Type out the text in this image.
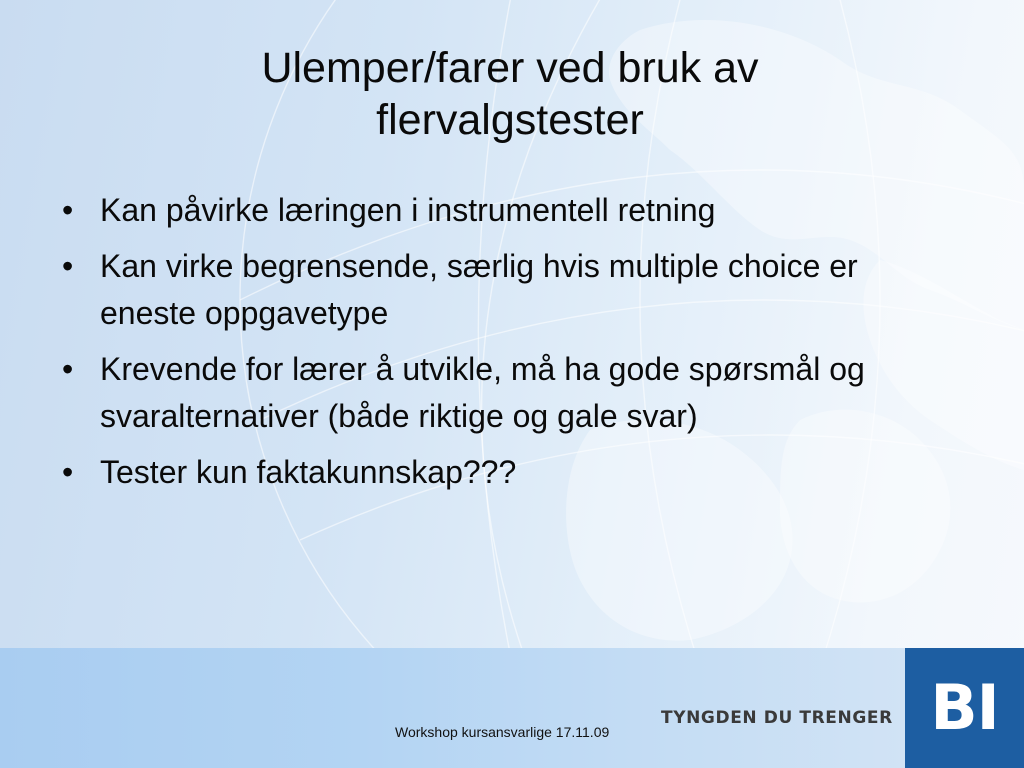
Ulemper/farer ved bruk av flervalgstester
• Kan påvirke læringen i instrumentell retning
• Kan virke begrensende, særlig hvis multiple choice er eneste oppgavetype
• Krevende for lærer å utvikle, må ha gode spørsmål og svaralternativer (både riktige og gale svar)
• Tester kun faktakunnskap???
Workshop kursansvarlige 17.11.09
TYNGDEN DU TRENGER BI
